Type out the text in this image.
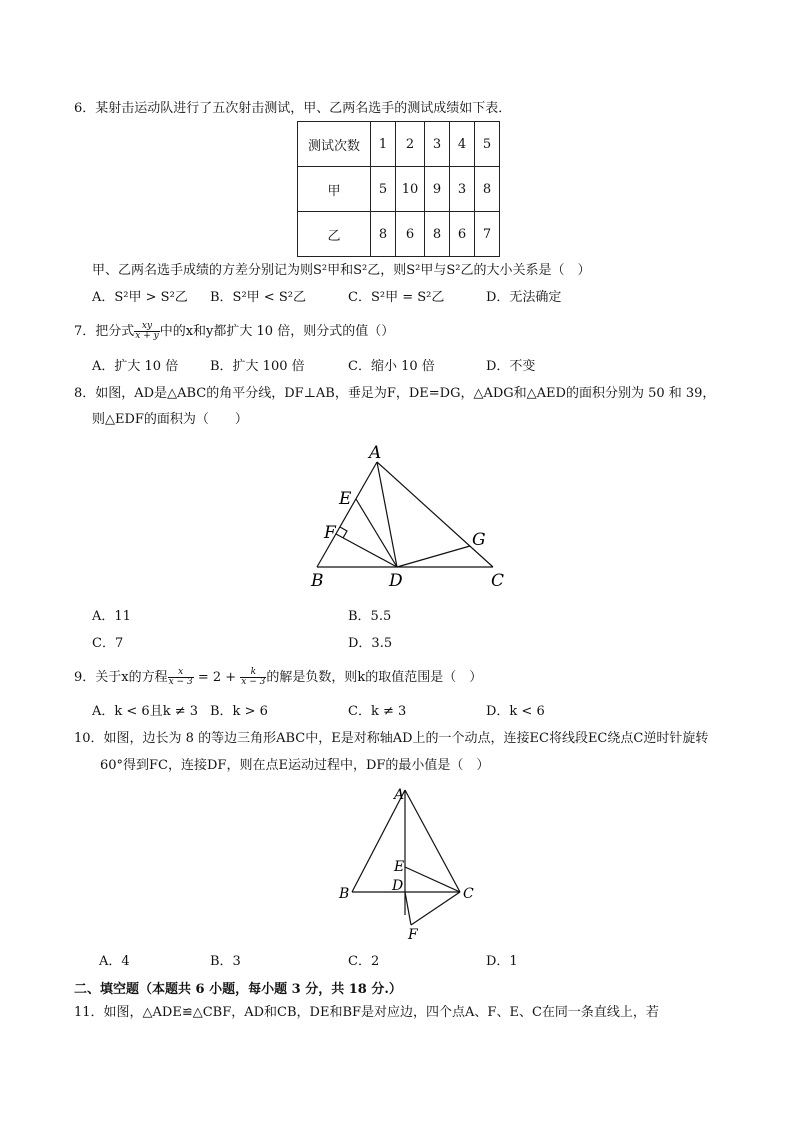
6．某射击运动队进行了五次射击测试，甲、乙两名选手的测试成绩如下表．
测试次数	1	2	3	4	5
甲	5	10	9	3	8
乙	8	6	8	6	7
甲、乙两名选手成绩的方差分别记为则S²甲和S²乙，则S²甲与S²乙的大小关系是（　）
A．S²甲 > S²乙 B．S²甲 < S²乙	C．S²甲 = S²乙	D．无法确定
7．把分式 $\frac{xy}{x + y}$ 中的x和y都扩大 10 倍，则分式的值（）
A．扩大 10 倍 B．扩大 100 倍	C．缩小 10 倍	D．不变
8．如图，AD是△ABC的角平分线，DF⊥AB，垂足为F，DE=DG，△ADG和△AED的面积分别为 50 和 39，
则△EDF的面积为（　　）
A
E
F	G
B	D	C
A．11	B．5.5
C．7	D．3.5
9．关于x的方程 $\frac{x}{x - 3} = 2 + \frac{k}{x - 3}$ 的解是负数，则k的取值范围是（　）
A．k < 6且k ≠ 3 B．k > 6	C．k ≠ 3	D．k < 6
10．如图，边长为 8 的等边三角形ABC中，E是对称轴AD上的一个动点，连接EC将线段EC绕点C逆时针旋转
60°得到FC，连接DF，则在点E运动过程中，DF的最小值是（　）
A
E
D
B	C
F
A．4	B．3	C．2	D．1
二、填空题（本题共 6 小题，每小题 3 分，共 18 分.）
11．如图，△ADE≌△CBF，AD和CB，DE和BF是对应边，四个点A、F、E、C在同一条直线上，若
